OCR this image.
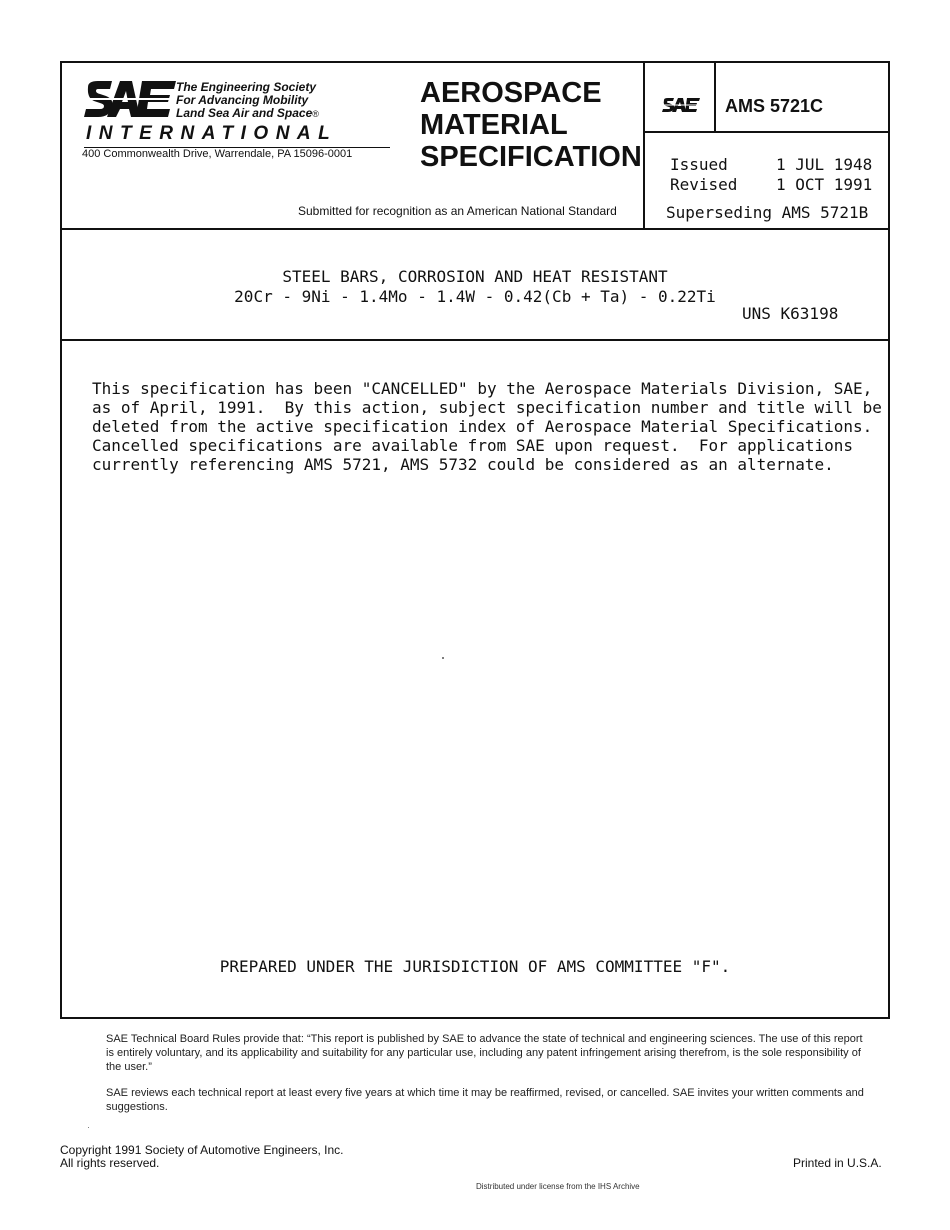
The Engineering Society
For Advancing Mobility
Land Sea Air and Space®
INTERNATIONAL
400 Commonwealth Drive, Warrendale, PA 15096-0001
AEROSPACE
MATERIAL
SPECIFICATION
Submitted for recognition as an American National Standard
AMS 5721C
Issued	1 JUL 1948
Revised 1 OCT 1991
Superseding AMS 5721B
STEEL BARS, CORROSION AND HEAT RESISTANT
20Cr - 9Ni - 1.4Mo - 1.4W - 0.42(Cb + Ta) - 0.22Ti
UNS K63198
This specification has been "CANCELLED" by the Aerospace Materials Division, SAE,
as of April, 1991.  By this action, subject specification number and title will be
deleted from the active specification index of Aerospace Material Specifications.
Cancelled specifications are available from SAE upon request.  For applications
currently referencing AMS 5721, AMS 5732 could be considered as an alternate.
PREPARED UNDER THE JURISDICTION OF AMS COMMITTEE "F".

SAE Technical Board Rules provide that: “This report is published by SAE to advance the state of technical and engineering sciences. The use of this report is entirely voluntary, and its applicability and suitability for any particular use, including any patent infringement arising therefrom, is the sole responsibility of the user.”

SAE reviews each technical report at least every five years at which time it may be reaffirmed, revised, or cancelled. SAE invites your written comments and suggestions.

Copyright 1991 Society of Automotive Engineers, Inc.
All rights reserved.	Printed in U.S.A.
Distributed under license from the IHS Archive
